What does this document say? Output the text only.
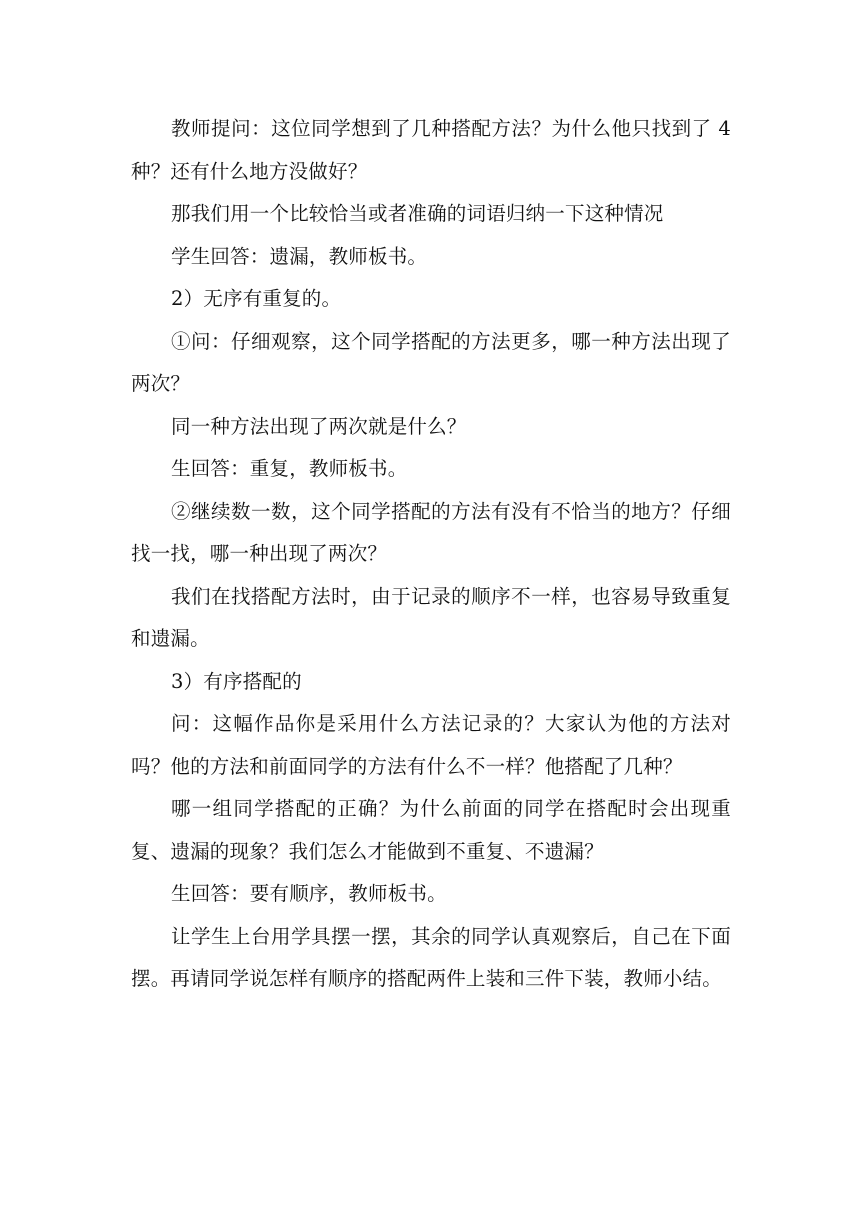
教师提问：这位同学想到了几种搭配方法？为什么他只找到了 4 种？还有什么地方没做好？

那我们用一个比较恰当或者准确的词语归纳一下这种情况

学生回答：遗漏，教师板书。

2）无序有重复的。

①问：仔细观察，这个同学搭配的方法更多，哪一种方法出现了两次？

同一种方法出现了两次就是什么？

生回答：重复，教师板书。

②继续数一数，这个同学搭配的方法有没有不恰当的地方？仔细找一找，哪一种出现了两次？

我们在找搭配方法时，由于记录的顺序不一样，也容易导致重复和遗漏。

3）有序搭配的

问：这幅作品你是采用什么方法记录的？大家认为他的方法对吗？他的方法和前面同学的方法有什么不一样？他搭配了几种？

哪一组同学搭配的正确？为什么前面的同学在搭配时会出现重复、遗漏的现象？我们怎么才能做到不重复、不遗漏？

生回答：要有顺序，教师板书。

让学生上台用学具摆一摆，其余的同学认真观察后，自己在下面摆。再请同学说怎样有顺序的搭配两件上装和三件下装，教师小结。
